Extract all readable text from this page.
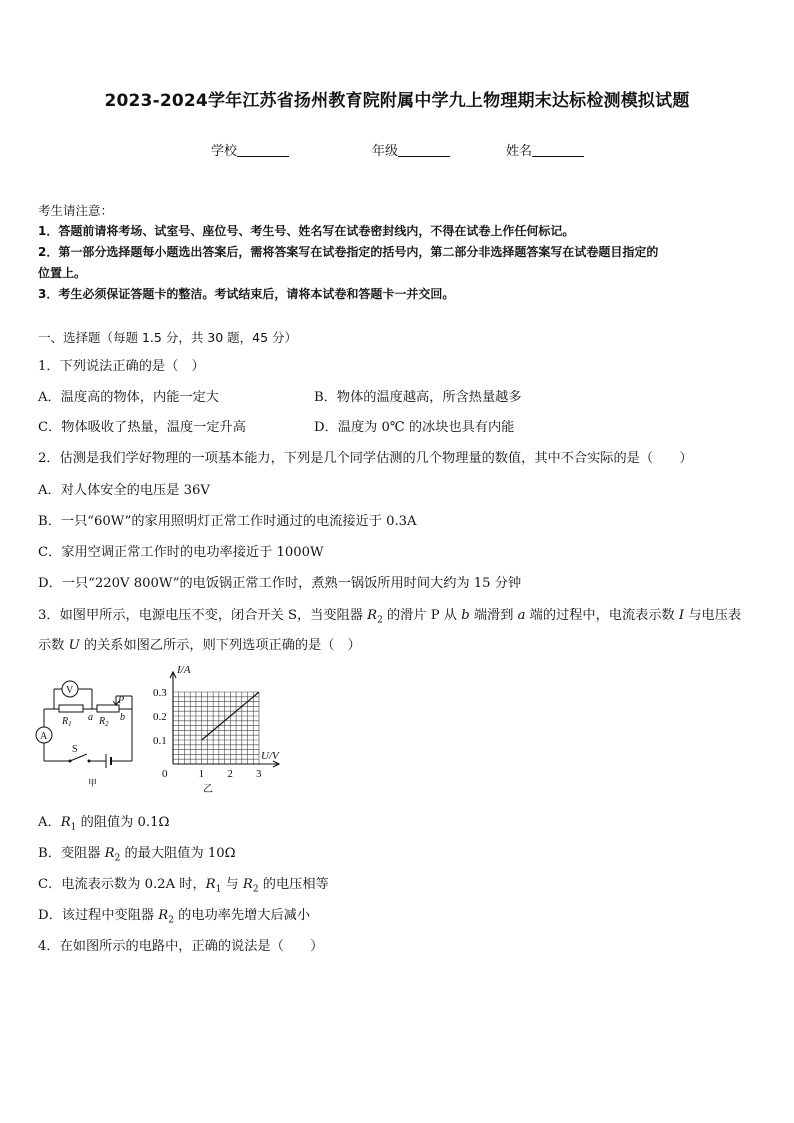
2023-2024学年江苏省扬州教育院附属中学九上物理期末达标检测模拟试题
学校	年级	姓名
考生请注意：
1．答题前请将考场、试室号、座位号、考生号、姓名写在试卷密封线内，不得在试卷上作任何标记。
2．第一部分选择题每小题选出答案后，需将答案写在试卷指定的括号内，第二部分非选择题答案写在试卷题目指定的
位置上。
3．考生必须保证答题卡的整洁。考试结束后，请将本试卷和答题卡一并交回。
一、选择题（每题 1.5 分，共 30 题，45 分）
1．下列说法正确的是（　）
A．温度高的物体，内能一定大	B．物体的温度越高，所含热量越多
C．物体吸收了热量，温度一定升高	D．温度为 0℃ 的冰块也具有内能
2．估测是我们学好物理的一项基本能力，下列是几个同学估测的几个物理量的数值，其中不合实际的是（　　）
A．对人体安全的电压是 36V
B．一只“60W”的家用照明灯正常工作时通过的电流接近于 0.3A
C．家用空调正常工作时的电功率接近于 1000W
D．一只“220V 800W”的电饭锅正常工作时，煮熟一锅饭所用时间大约为 15 分钟
3．如图甲所示，电源电压不变，闭合开关 S，当变阻器 $R_2$ 的滑片 P 从 b 端滑到 a 端的过程中，电流表示数 I 与电压表
示数 U 的关系如图乙所示，则下列选项正确的是（　）
V
A
$R_1$	$R_2$
a	b
P
S
甲
I/A
U/V
0.1
0.2
0.3
0	1 2 3
乙
A．$R_1$ 的阻值为 0.1Ω
B．变阻器 $R_2$ 的最大阻值为 10Ω
C．电流表示数为 0.2A 时，$R_1$ 与 $R_2$ 的电压相等
D．该过程中变阻器 $R_2$ 的电功率先增大后减小
4．在如图所示的电路中，正确的说法是（　　）
